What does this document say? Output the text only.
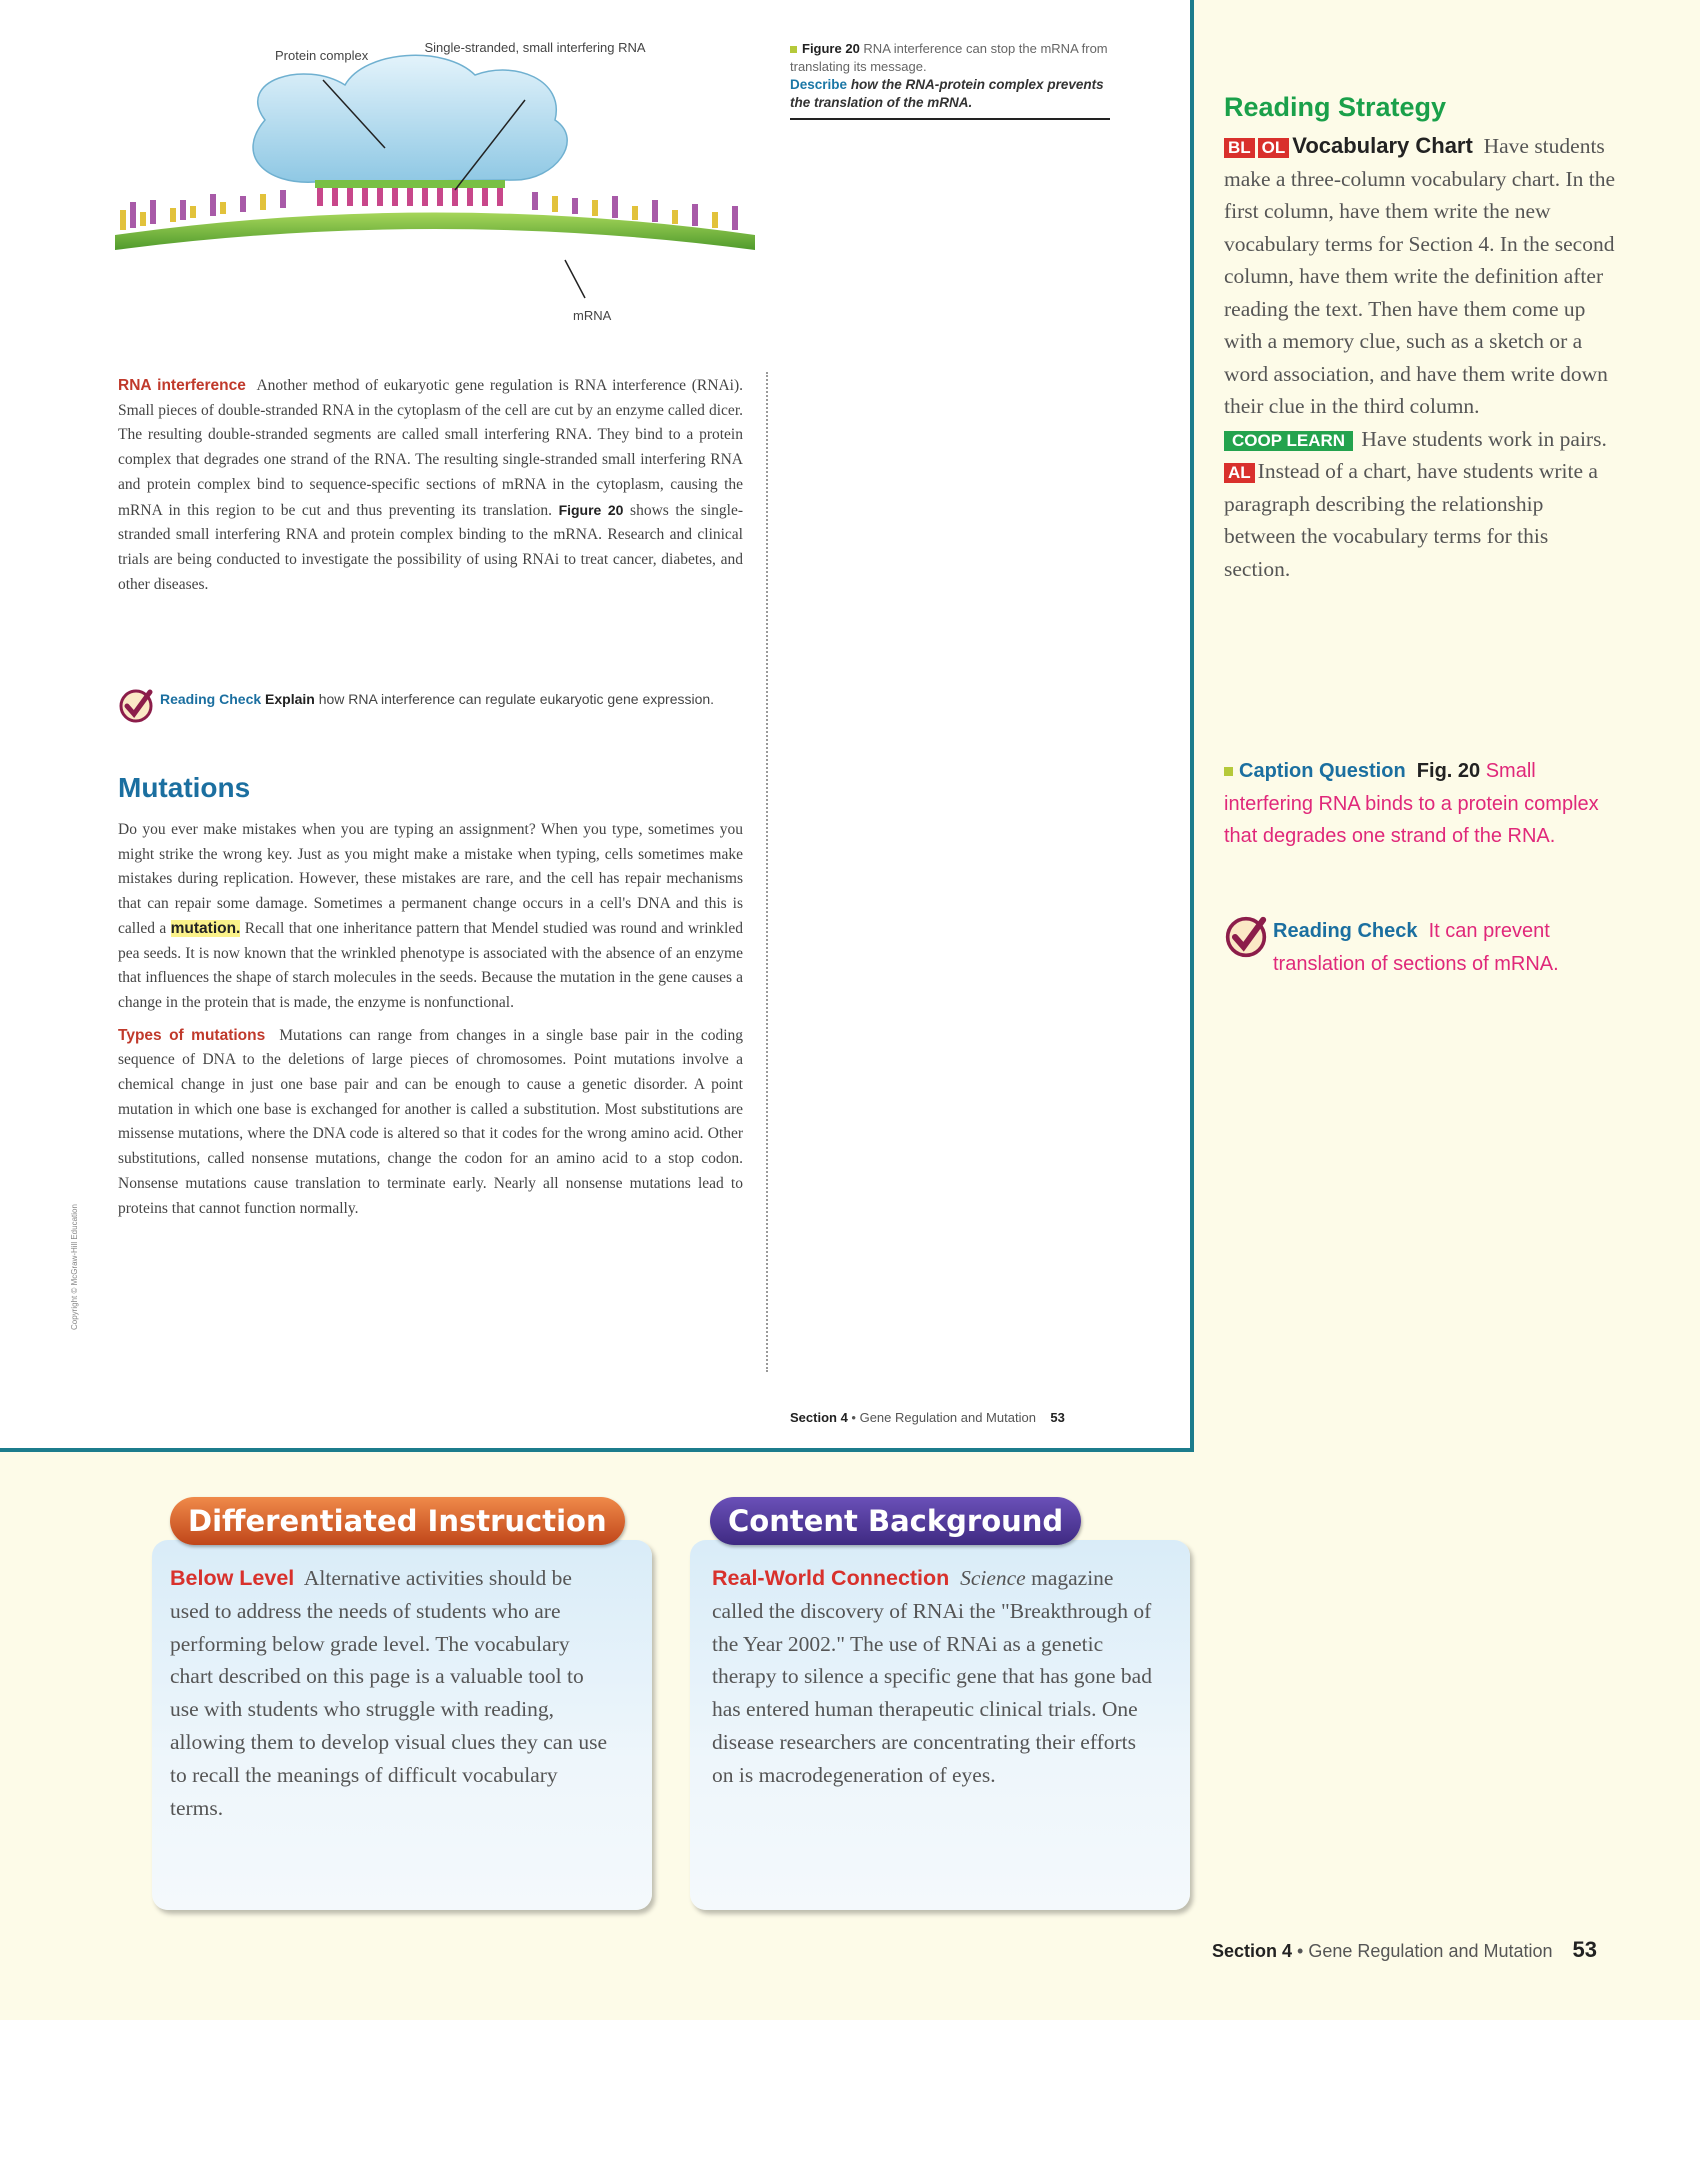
Protein complex
Single-stranded, small interfering RNA
mRNA
Figure 20 RNA interference can stop the mRNA from translating its message.
Describe how the RNA-protein complex prevents the translation of the mRNA.

RNA interference Another method of eukaryotic gene regulation is RNA interference (RNAi). Small pieces of double-stranded RNA in the cytoplasm of the cell are cut by an enzyme called dicer. The resulting double-stranded segments are called small interfering RNA. They bind to a protein complex that degrades one strand of the RNA. The resulting single-stranded small interfering RNA and protein complex bind to sequence-specific sections of mRNA in the cytoplasm, causing the mRNA in this region to be cut and thus preventing its translation. Figure 20 shows the single-stranded small interfering RNA and protein complex binding to the mRNA. Research and clinical trials are being conducted to investigate the possibility of using RNAi to treat cancer, diabetes, and other diseases.

Reading Check Explain how RNA interference can regulate eukaryotic gene expression.
Mutations

Do you ever make mistakes when you are typing an assignment? When you type, sometimes you might strike the wrong key. Just as you might make a mistake when typing, cells sometimes make mistakes during replication. However, these mistakes are rare, and the cell has repair mechanisms that can repair some damage. Sometimes a permanent change occurs in a cell's DNA and this is called a mutation. Recall that one inheritance pattern that Mendel studied was round and wrinkled pea seeds. It is now known that the wrinkled phenotype is associated with the absence of an enzyme that influences the shape of starch molecules in the seeds. Because the mutation in the gene causes a change in the protein that is made, the enzyme is nonfunctional.

Types of mutations Mutations can range from changes in a single base pair in the coding sequence of DNA to the deletions of large pieces of chromosomes. Point mutations involve a chemical change in just one base pair and can be enough to cause a genetic disorder. A point mutation in which one base is exchanged for another is called a substitution. Most substitutions are missense mutations, where the DNA code is altered so that it codes for the wrong amino acid. Other substitutions, called nonsense mutations, change the codon for an amino acid to a stop codon. Nonsense mutations cause translation to terminate early. Nearly all nonsense mutations lead to proteins that cannot function normally.

Copyright © McGraw-Hill Education
Section 4 • Gene Regulation and Mutation 53
Reading Strategy
BL OL Vocabulary Chart Have students make a three-column vocabulary chart. In the first column, have them write the new vocabulary terms for Section 4. In the second column, have them write the definition after reading the text. Then have them come up with a memory clue, such as a sketch or a word association, and have them write down their clue in the third column.
COOP LEARN Have students work in pairs.
AL Instead of a chart, have students write a paragraph describing the relationship between the vocabulary terms for this section.
Caption Question Fig. 20 Small interfering RNA binds to a protein complex that degrades one strand of the RNA.
Reading Check It can prevent translation of sections of mRNA.
Differentiated Instruction	Content Background
Below Level Alternative activities should be used to address the needs of students who are performing below grade level. The vocabulary chart described on this page is a valuable tool to use with students who struggle with reading, allowing them to develop visual clues they can use to recall the meanings of difficult vocabulary terms.
Real-World Connection Science magazine called the discovery of RNAi the "Breakthrough of the Year 2002." The use of RNAi as a genetic therapy to silence a specific gene that has gone bad has entered human therapeutic clinical trials. One disease researchers are concentrating their efforts on is macrodegeneration of eyes.
Section 4 • Gene Regulation and Mutation 53
